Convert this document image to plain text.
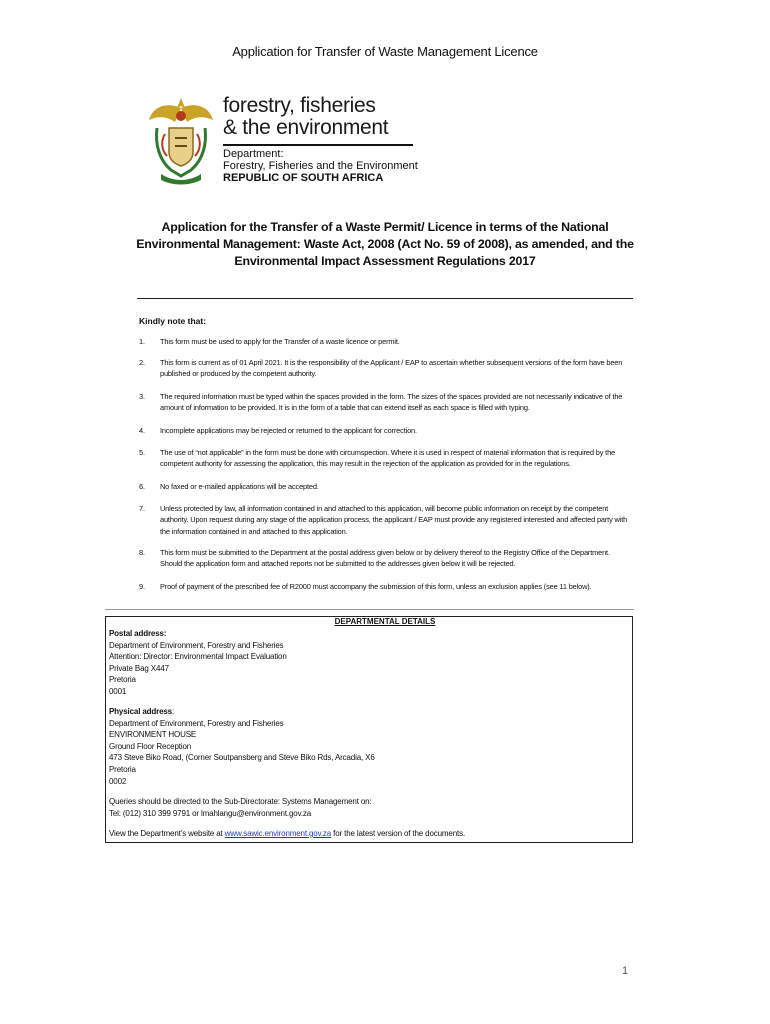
Application for Transfer of Waste Management Licence
forestry, fisheries
& the environment
Department:
Forestry, Fisheries and the Environment
REPUBLIC OF SOUTH AFRICA
Application for the Transfer of a Waste Permit/ Licence in terms of the National
Environmental Management: Waste Act, 2008 (Act No. 59 of 2008), as amended, and the
Environmental Impact Assessment Regulations 2017
Kindly note that:
1. This form must be used to apply for the Transfer of a waste licence or permit.
2. This form is current as of 01 April 2021. It is the responsibility of the Applicant / EAP to ascertain whether subsequent versions of the form have been published or produced by the competent authority.
3. The required information must be typed within the spaces provided in the form. The sizes of the spaces provided are not necessarily indicative of the amount of information to be provided. It is in the form of a table that can extend itself as each space is filled with typing.
4. Incomplete applications may be rejected or returned to the applicant for correction.
5. The use of “not applicable” in the form must be done with circumspection. Where it is used in respect of material information that is required by the competent authority for assessing the application, this may result in the rejection of the application as provided for in the regulations.
6. No faxed or e-mailed applications will be accepted.
7. Unless protected by law, all information contained in and attached to this application, will become public information on receipt by the competent authority. Upon request during any stage of the application process, the applicant / EAP must provide any registered interested and affected party with the information contained in and attached to this application.
8. This form must be submitted to the Department at the postal address given below or by delivery thereof to the Registry Office of the Department. Should the application form and attached reports not be submitted to the addresses given below it will be rejected.
9. Proof of payment of the prescribed fee of R2000 must accompany the submission of this form, unless an exclusion applies (see 11 below).
DEPARTMENTAL DETAILS
Postal address:
Department of Environment, Forestry and Fisheries
Attention: Director: Environmental Impact Evaluation
Private Bag X447
Pretoria
0001
Physical address:
Department of Environment, Forestry and Fisheries
ENVIRONMENT HOUSE
Ground Floor Reception
473 Steve Biko Road, (Corner Soutpansberg and Steve Biko Rds, Arcadia, X6
Pretoria
0002
Queries should be directed to the Sub-Directorate: Systems Management on:
Tel: (012) 310 399 9791 or lmahlangu@environment.gov.za
View the Department’s website at www.sawic.environment.gov.za for the latest version of the documents.
1
